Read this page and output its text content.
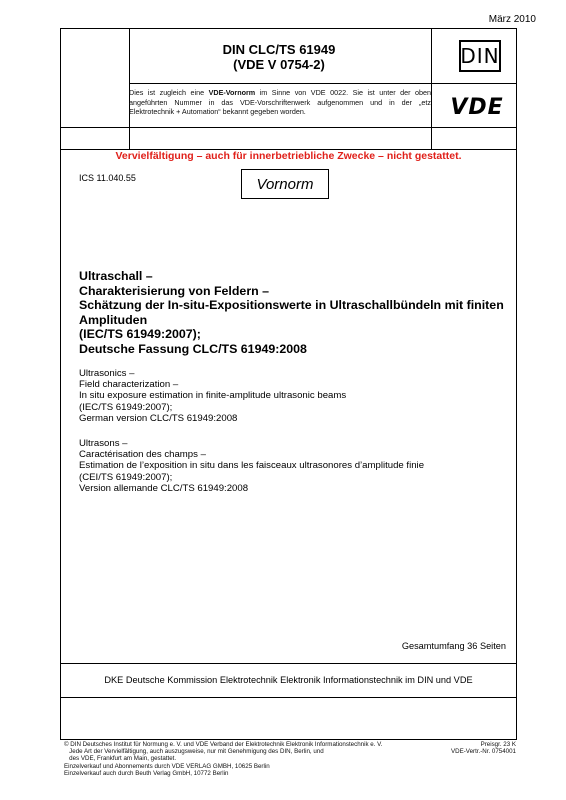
März 2010
DIN CLC/TS 61949
(VDE V 0754-2)	DIN
Dies ist zugleich eine VDE-Vornorm im Sinne von VDE 0022. Sie ist unter der oben angeführten Nummer in das VDE-Vorschriftenwerk aufgenommen und in der „etz Elektrotechnik + Automation“ bekannt gegeben worden.	VDE
Vervielfältigung – auch für innerbetriebliche Zwecke – nicht gestattet.
ICS 11.040.55	Vornorm
Ultraschall –
Charakterisierung von Feldern –
Schätzung der In-situ-Expositionswerte in Ultraschallbündeln mit finiten
Amplituden
(IEC/TS 61949:2007);
Deutsche Fassung CLC/TS 61949:2008
Ultrasonics –
Field characterization –
In situ exposure estimation in finite-amplitude ultrasonic beams
(IEC/TS 61949:2007);
German version CLC/TS 61949:2008
Ultrasons –
Caractérisation des champs –
Estimation de l’exposition in situ dans les faisceaux ultrasonores d’amplitude finie
(CEI/TS 61949:2007);
Version allemande CLC/TS 61949:2008
Gesamtumfang 36 Seiten
DKE Deutsche Kommission Elektrotechnik Elektronik Informationstechnik im DIN und VDE
© DIN Deutsches Institut für Normung e. V. und VDE Verband der Elektrotechnik Elektronik Informationstechnik e. V.
Jede Art der Vervielfältigung, auch auszugsweise, nur mit Genehmigung des DIN, Berlin, und
des VDE, Frankfurt am Main, gestattet.
Einzelverkauf und Abonnements durch VDE VERLAG GMBH, 10625 Berlin
Einzelverkauf auch durch Beuth Verlag GmbH, 10772 Berlin
Preisgr. 23 K
VDE-Vertr.-Nr. 0754001
